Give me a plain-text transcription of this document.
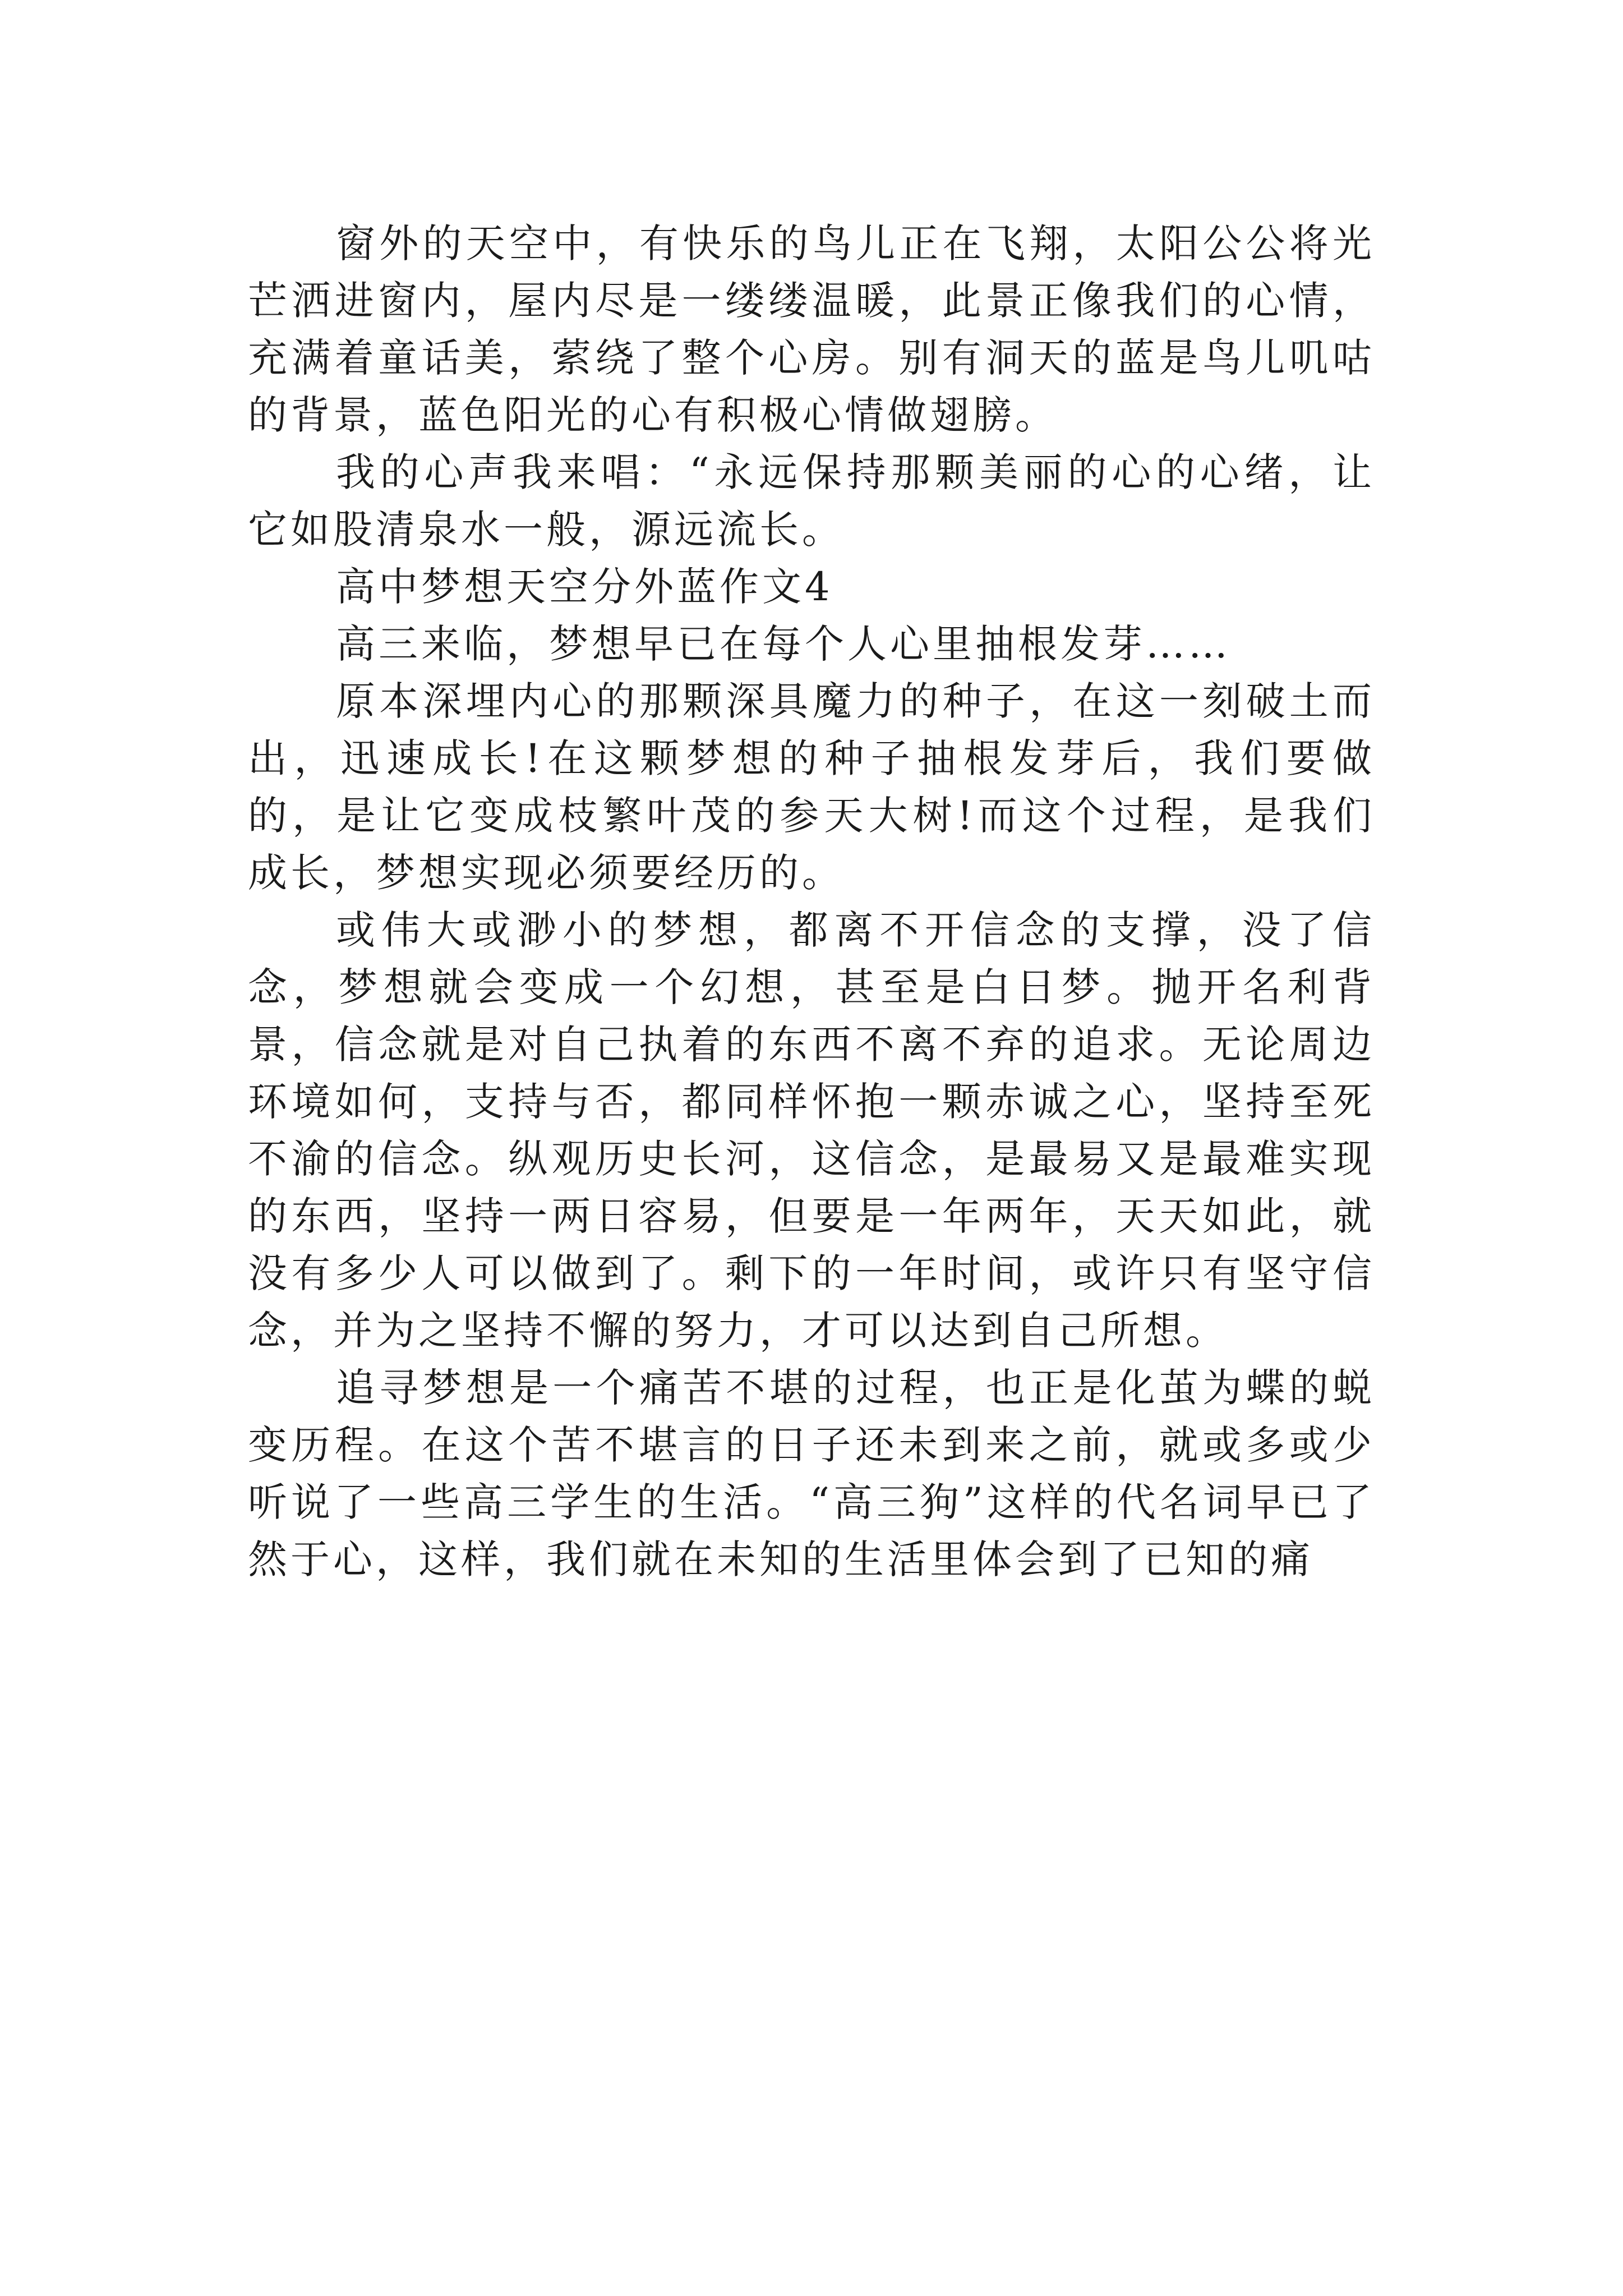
窗外的天空中，有快乐的鸟儿正在飞翔，太阳公公将光芒洒进窗内，屋内尽是一缕缕温暖，此景正像我们的心情，充满着童话美，萦绕了整个心房。别有洞天的蓝是鸟儿叽咕的背景，蓝色阳光的心有积极心情做翅膀。

我的心声我来唱：“永远保持那颗美丽的心的心绪，让它如股清泉水一般，源远流长。

高中梦想天空分外蓝作文4

高三来临，梦想早已在每个人心里抽根发芽……

原本深埋内心的那颗深具魔力的种子，在这一刻破土而出，迅速成长!在这颗梦想的种子抽根发芽后，我们要做的，是让它变成枝繁叶茂的参天大树!而这个过程，是我们成长，梦想实现必须要经历的。

或伟大或渺小的梦想，都离不开信念的支撑，没了信念，梦想就会变成一个幻想，甚至是白日梦。抛开名利背景，信念就是对自己执着的东西不离不弃的追求。无论周边环境如何，支持与否，都同样怀抱一颗赤诚之心，坚持至死不渝的信念。纵观历史长河，这信念，是最易又是最难实现的东西，坚持一两日容易，但要是一年两年，天天如此，就没有多少人可以做到了。剩下的一年时间，或许只有坚守信念，并为之坚持不懈的努力，才可以达到自己所想。

追寻梦想是一个痛苦不堪的过程，也正是化茧为蝶的蜕变历程。在这个苦不堪言的日子还未到来之前，就或多或少听说了一些高三学生的生活。“高三狗”这样的代名词早已了然于心，这样，我们就在未知的生活里体会到了已知的痛
